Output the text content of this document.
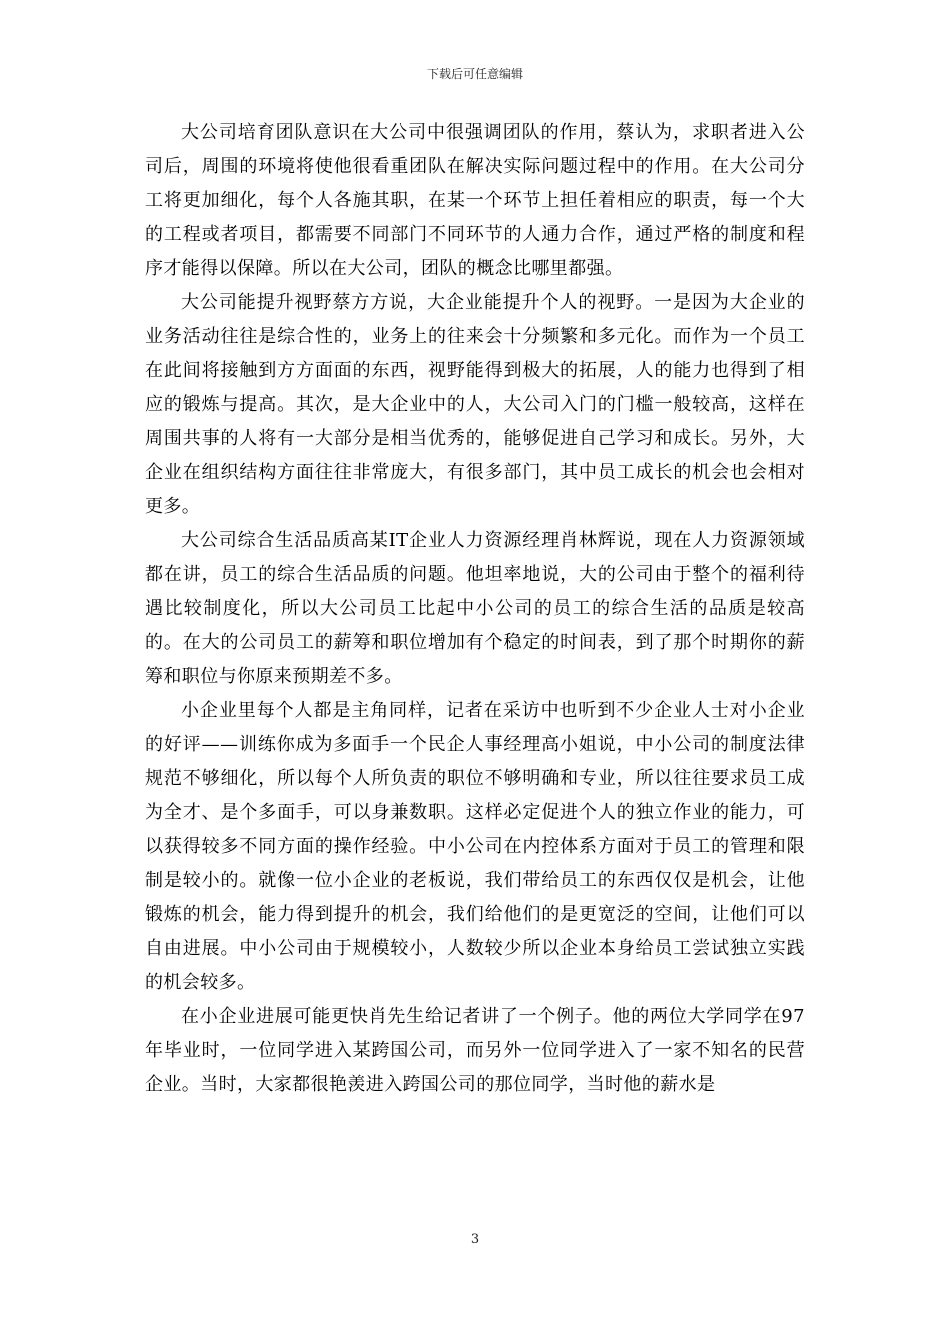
下载后可任意编辑

大公司培育团队意识在大公司中很强调团队的作用，蔡认为，求职者进入公司后，周围的环境将使他很看重团队在解决实际问题过程中的作用。在大公司分工将更加细化，每个人各施其职，在某一个环节上担任着相应的职责，每一个大的工程或者项目，都需要不同部门不同环节的人通力合作，通过严格的制度和程序才能得以保障。所以在大公司，团队的概念比哪里都强。

大公司能提升视野蔡方方说，大企业能提升个人的视野。一是因为大企业的业务活动往往是综合性的，业务上的往来会十分频繁和多元化。而作为一个员工在此间将接触到方方面面的东西，视野能得到极大的拓展，人的能力也得到了相应的锻炼与提高。其次，是大企业中的人，大公司入门的门槛一般较高，这样在周围共事的人将有一大部分是相当优秀的，能够促进自己学习和成长。另外，大企业在组织结构方面往往非常庞大，有很多部门，其中员工成长的机会也会相对更多。

大公司综合生活品质高某IT企业人力资源经理肖林辉说，现在人力资源领域都在讲，员工的综合生活品质的问题。他坦率地说，大的公司由于整个的福利待遇比较制度化，所以大公司员工比起中小公司的员工的综合生活的品质是较高的。在大的公司员工的薪筹和职位增加有个稳定的时间表，到了那个时期你的薪筹和职位与你原来预期差不多。

小企业里每个人都是主角同样，记者在采访中也听到不少企业人士对小企业的好评——训练你成为多面手一个民企人事经理高小姐说，中小公司的制度法律规范不够细化，所以每个人所负责的职位不够明确和专业，所以往往要求员工成为全才、是个多面手，可以身兼数职。这样必定促进个人的独立作业的能力，可以获得较多不同方面的操作经验。中小公司在内控体系方面对于员工的管理和限制是较小的。就像一位小企业的老板说，我们带给员工的东西仅仅是机会，让他锻炼的机会，能力得到提升的机会，我们给他们的是更宽泛的空间，让他们可以自由进展。中小公司由于规模较小，人数较少所以企业本身给员工尝试独立实践的机会较多。

在小企业进展可能更快肖先生给记者讲了一个例子。他的两位大学同学在97年毕业时，一位同学进入某跨国公司，而另外一位同学进入了一家不知名的民营企业。当时，大家都很艳羡进入跨国公司的那位同学，当时他的薪水是

3
